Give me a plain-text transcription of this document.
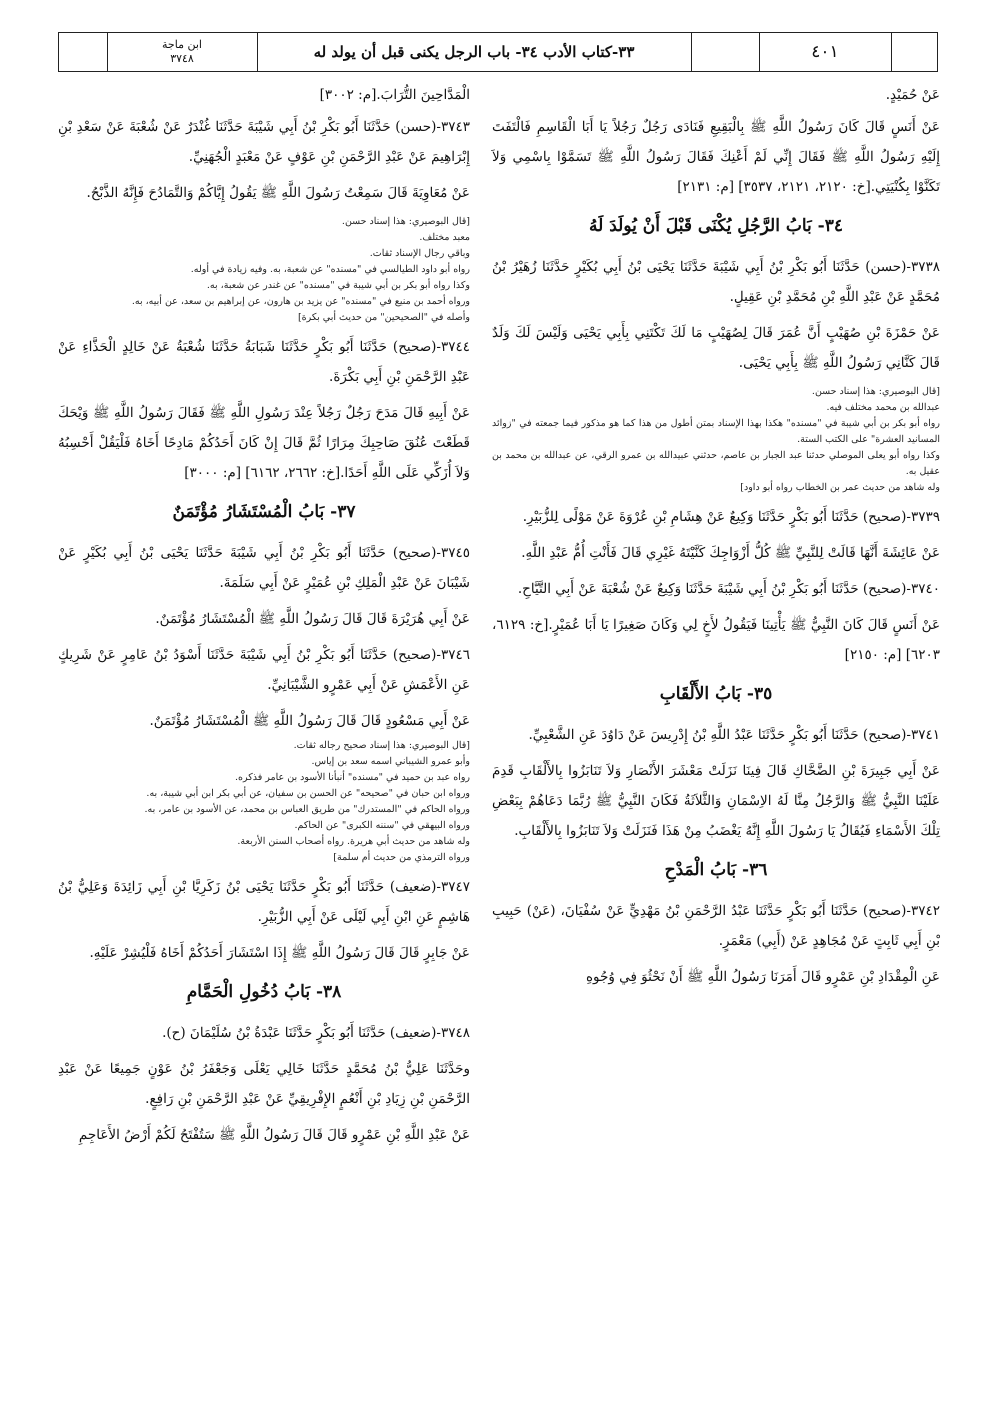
ابن ماجة
٣٧٤٨	٣٣-كتاب الأدب ٣٤- باب الرجل يكنى قبل أن يولد له	٤٠١

عَنْ حُمَيْدٍ.

عَنْ أَنَسٍ قَالَ كَانَ رَسُولُ اللَّهِ ﷺ بِالْبَقِيعِ فَنَادَى رَجُلٌ رَجُلاً يَا أَبَا الْقَاسِمِ فَالْتَفَتَ إِلَيْهِ رَسُولُ اللَّهِ ﷺ فَقَالَ إِنِّي لَمْ أَعْنِكَ فَقَالَ رَسُولُ اللَّهِ ﷺ تَسَمَّوْا بِاسْمِي وَلاَ تَكَنَّوْا بِكُنْيَتِي.[خ: ٢١٢٠، ٢١٢١، ٣٥٣٧] [م: ٢١٣١]

٣٤- بَابُ الرَّجُلِ يُكْنَى قَبْلَ أَنْ يُولَدَ لَهُ

٣٧٣٨-(حسن) حَدَّثَنَا أَبُو بَكْرِ بْنُ أَبِي شَيْبَةَ حَدَّثَنَا يَحْيَى بْنُ أَبِي بُكَيْرٍ حَدَّثَنَا زُهَيْرُ بْنُ مُحَمَّدٍ عَنْ عَبْدِ اللَّهِ بْنِ مُحَمَّدِ بْنِ عَقِيلٍ.

عَنْ حَمْزَةَ بْنِ صُهَيْبٍ أَنَّ عُمَرَ قَالَ لِصُهَيْبٍ مَا لَكَ تَكْتَنِي بِأَبِي يَحْيَى وَلَيْسَ لَكَ وَلَدٌ قَالَ كَنَّانِي رَسُولُ اللَّهِ ﷺ بِأَبِي يَحْيَى.

[قال البوصيري: هذا إسناد حسن.

عبدالله بن محمد مختلف فيه.

رواه أبو بكر بن أبي شيبة في "مسنده" هكذا بهذا الإسناد بمتن أطول من هذا كما هو مذكور فيما جمعته في "زوائد المسانيد العشرة" على الكتب الستة.

وكذا رواه أبو يعلى الموصلي حدثنا عبد الجبار بن عاصم، حدثني عبيدالله بن عمرو الرقي، عن عبدالله بن محمد بن عقيل به.

وله شاهد من حديث عمر بن الخطاب رواه أبو داود]

٣٧٣٩-(صحيح) حَدَّثَنَا أَبُو بَكْرٍ حَدَّثَنَا وَكِيعٌ عَنْ هِشَامِ بْنِ عُرْوَةَ عَنْ مَوْلًى لِلزُّبَيْرِ.

عَنْ عَائِشَةَ أَنَّهَا قَالَتْ لِلنَّبِيِّ ﷺ كُلُّ أَزْوَاجِكَ كَنَّيْتَهُ غَيْرِي قَالَ فَأَنْتِ أُمُّ عَبْدِ اللَّهِ.

٣٧٤٠-(صحيح) حَدَّثَنَا أَبُو بَكْرِ بْنُ أَبِي شَيْبَةَ حَدَّثَنَا وَكِيعٌ عَنْ شُعْبَةَ عَنْ أَبِي التَّيَّاحِ.

عَنْ أَنَسٍ قَالَ كَانَ النَّبِيُّ ﷺ يَأْتِينَا فَيَقُولُ لأَخٍ لِي وَكَانَ صَغِيرًا يَا أَبَا عُمَيْرٍ.[خ: ٦١٢٩، ٦٢٠٣] [م: ٢١٥٠]

٣٥- بَابُ الأَلْقَابِ

٣٧٤١-(صحيح) حَدَّثَنَا أَبُو بَكْرٍ حَدَّثَنَا عَبْدُ اللَّهِ بْنُ إِدْرِيسَ عَنْ دَاوُدَ عَنِ الشَّعْبِيِّ.

عَنْ أَبِي جَبِيرَةَ بْنِ الضَّحَّاكِ قَالَ فِينَا نَزَلَتْ مَعْشَرَ الأَنْصَارِ وَلاَ تَنَابَزُوا بِالأَلْقَابِ قَدِمَ عَلَيْنَا النَّبِيُّ ﷺ وَالرَّجُلُ مِنَّا لَهُ الاِسْمَانِ وَالثَّلاَثَةُ فَكَانَ النَّبِيُّ ﷺ رُبَّمَا دَعَاهُمْ بِبَعْضِ تِلْكَ الأَسْمَاءِ فَيُقَالُ يَا رَسُولَ اللَّهِ إِنَّهُ يَغْضَبُ مِنْ هَذَا فَنَزَلَتْ وَلاَ تَنَابَزُوا بِالأَلْقَابِ.

٣٦- بَابُ الْمَدْحِ

٣٧٤٢-(صحيح) حَدَّثَنَا أَبُو بَكْرٍ حَدَّثَنَا عَبْدُ الرَّحْمَنِ بْنُ مَهْدِيٍّ عَنْ سُفْيَانَ، (عَنْ) حَبِيبِ بْنِ أَبِي ثَابِتٍ عَنْ مُجَاهِدٍ عَنْ (أَبِي) مَعْمَرٍ.

عَنِ الْمِقْدَادِ بْنِ عَمْرٍو قَالَ أَمَرَنَا رَسُولُ اللَّهِ ﷺ أَنْ نَحْثُوَ فِي وُجُوهِ

الْمَدَّاحِينَ التُّرَابَ.[م: ٣٠٠٢]

٣٧٤٣-(حسن) حَدَّثَنَا أَبُو بَكْرِ بْنُ أَبِي شَيْبَةَ حَدَّثَنَا غُنْدَرٌ عَنْ شُعْبَةَ عَنْ سَعْدِ بْنِ إِبْرَاهِيمَ عَنْ عَبْدِ الرَّحْمَنِ بْنِ عَوْفٍ عَنْ مَعْبَدٍ الْجُهَنِيِّ.

عَنْ مُعَاوِيَةَ قَالَ سَمِعْتُ رَسُولَ اللَّهِ ﷺ يَقُولُ إِيَّاكُمْ وَالتَّمَادُحَ فَإِنَّهُ الذَّبْحُ.

[قال البوصيري: هذا إسناد حسن.

معبد مختلف.

وباقي رجال الإسناد ثقات.

رواه أبو داود الطيالسي في "مسنده" عن شعبة، به. وفيه زيادة في أوله.

وكذا رواه أبو بكر بن أبي شيبة في "مسنده" عن غندر عن شعبة، به.

ورواه أحمد بن منيع في "مسنده" عن يزيد بن هارون، عن إبراهيم بن سعد، عن أبيه، به.

وأصله في "الصحيحين" من حديث أبي بكرة]

٣٧٤٤-(صحيح) حَدَّثَنَا أَبُو بَكْرٍ حَدَّثَنَا شَبَابَةُ حَدَّثَنَا شُعْبَةُ عَنْ خَالِدٍ الْحَذَّاءِ عَنْ عَبْدِ الرَّحْمَنِ بْنِ أَبِي بَكْرَةَ.

عَنْ أَبِيهِ قَالَ مَدَحَ رَجُلٌ رَجُلاً عِنْدَ رَسُولِ اللَّهِ ﷺ فَقَالَ رَسُولُ اللَّهِ ﷺ وَيْحَكَ قَطَعْتَ عُنُقَ صَاحِبِكَ مِرَارًا ثُمَّ قَالَ إِنْ كَانَ أَحَدُكُمْ مَادِحًا أَخَاهُ فَلْيَقُلْ أَحْسِبُهُ وَلاَ أُزَكِّي عَلَى اللَّهِ أَحَدًا.[خ: ٢٦٦٢، ٦١٦٢] [م: ٣٠٠٠]

٣٧- بَابُ الْمُسْتَشَارُ مُؤْتَمَنٌ

٣٧٤٥-(صحيح) حَدَّثَنَا أَبُو بَكْرِ بْنُ أَبِي شَيْبَةَ حَدَّثَنَا يَحْيَى بْنُ أَبِي بُكَيْرٍ عَنْ شَيْبَانَ عَنْ عَبْدِ الْمَلِكِ بْنِ عُمَيْرٍ عَنْ أَبِي سَلَمَةَ.

عَنْ أَبِي هُرَيْرَةَ قَالَ قَالَ رَسُولُ اللَّهِ ﷺ الْمُسْتَشَارُ مُؤْتَمَنٌ.

٣٧٤٦-(صحيح) حَدَّثَنَا أَبُو بَكْرِ بْنُ أَبِي شَيْبَةَ حَدَّثَنَا أَسْوَدُ بْنُ عَامِرٍ عَنْ شَرِيكٍ عَنِ الأَعْمَشِ عَنْ أَبِي عَمْرٍو الشَّيْبَانِيِّ.

عَنْ أَبِي مَسْعُودٍ قَالَ قَالَ رَسُولُ اللَّهِ ﷺ الْمُسْتَشَارُ مُؤْتَمَنٌ.

[قال البوصيري: هذا إسناد صحيح رجاله ثقات.

وأبو عمرو الشيباني اسمه سعد بن إياس.

رواه عبد بن حميد في "مسنده" أنبأنا الأسود بن عامر فذكره.

ورواه ابن حبان في "صحيحه" عن الحسن بن سفيان، عن أبي بكر ابن أبي شيبة، به.

ورواه الحاكم في "المستدرك" من طريق العباس بن محمد، عن الأسود بن عامر، به.

ورواه البيهقي في "سننه الكبرى" عن الحاكم.

وله شاهد من حديث أبي هريرة. رواه أصحاب السنن الأربعة.

ورواه الترمذي من حديث أم سلمة]

٣٧٤٧-(ضعيف) حَدَّثَنَا أَبُو بَكْرٍ حَدَّثَنَا يَحْيَى بْنُ زَكَرِيَّا بْنِ أَبِي زَائِدَةَ وَعَلِيُّ بْنُ هَاشِمٍ عَنِ ابْنِ أَبِي لَيْلَى عَنْ أَبِي الزُّبَيْرِ.

عَنْ جَابِرٍ قَالَ قَالَ رَسُولُ اللَّهِ ﷺ إِذَا اسْتَشَارَ أَحَدُكُمْ أَخَاهُ فَلْيُشِرْ عَلَيْهِ.

٣٨- بَابُ دُخُولِ الْحَمَّامِ

٣٧٤٨-(ضعيف) حَدَّثَنَا أَبُو بَكْرٍ حَدَّثَنَا عَبْدَةُ بْنُ سُلَيْمَانَ (ح).

وحَدَّثَنَا عَلِيُّ بْنُ مُحَمَّدٍ حَدَّثَنَا خَالِي يَعْلَى وَجَعْفَرُ بْنُ عَوْنٍ جَمِيعًا عَنْ عَبْدِ الرَّحْمَنِ بْنِ زِيَادِ بْنِ أَنْعُمٍ الإِفْرِيقِيِّ عَنْ عَبْدِ الرَّحْمَنِ بْنِ رَافِعٍ.

عَنْ عَبْدِ اللَّهِ بْنِ عَمْرٍو قَالَ قَالَ رَسُولُ اللَّهِ ﷺ سَتُفْتَحُ لَكُمْ أَرْضُ الأَعَاجِمِ
